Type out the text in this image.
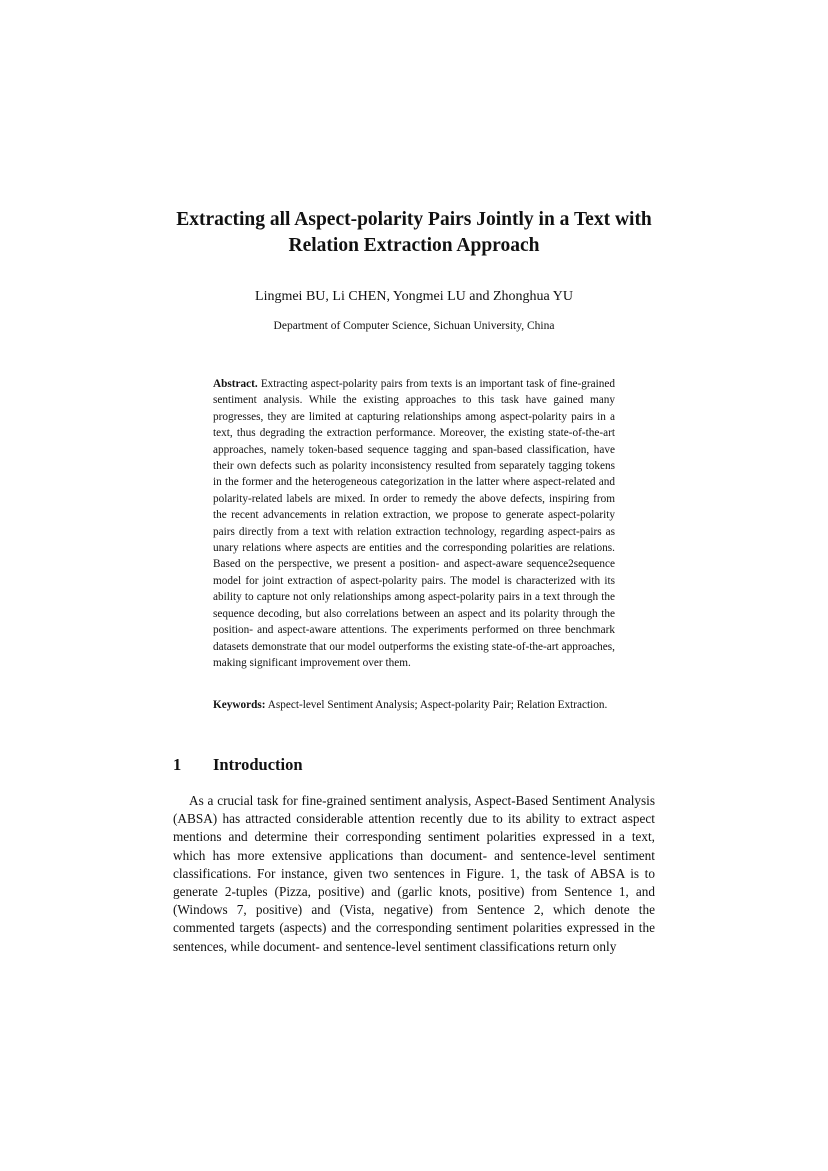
Extracting all Aspect-polarity Pairs Jointly in a Text with Relation Extraction Approach

Lingmei BU, Li CHEN, Yongmei LU and Zhonghua YU

Department of Computer Science, Sichuan University, China

Abstract. Extracting aspect-polarity pairs from texts is an important task of fine-grained sentiment analysis. While the existing approaches to this task have gained many progresses, they are limited at capturing relationships among aspect-polarity pairs in a text, thus degrading the extraction performance. Moreover, the existing state-of-the-art approaches, namely token-based sequence tagging and span-based classification, have their own defects such as polarity inconsistency resulted from separately tagging tokens in the former and the heterogeneous categorization in the latter where aspect-related and polarity-related labels are mixed. In order to remedy the above defects, inspiring from the recent advancements in relation extraction, we propose to generate aspect-polarity pairs directly from a text with relation extraction technology, regarding aspect-pairs as unary relations where aspects are entities and the corresponding polarities are relations. Based on the perspective, we present a position- and aspect-aware sequence2sequence model for joint extraction of aspect-polarity pairs. The model is characterized with its ability to capture not only relationships among aspect-polarity pairs in a text through the sequence decoding, but also correlations between an aspect and its polarity through the position- and aspect-aware attentions. The experiments performed on three benchmark datasets demonstrate that our model outperforms the existing state-of-the-art approaches, making significant improvement over them.

Keywords: Aspect-level Sentiment Analysis; Aspect-polarity Pair; Relation Extraction.

1 Introduction

As a crucial task for fine-grained sentiment analysis, Aspect-Based Sentiment Analysis (ABSA) has attracted considerable attention recently due to its ability to extract aspect mentions and determine their corresponding sentiment polarities expressed in a text, which has more extensive applications than document- and sentence-level sentiment classifications. For instance, given two sentences in Figure. 1, the task of ABSA is to generate 2-tuples (Pizza, positive) and (garlic knots, positive) from Sentence 1, and (Windows 7, positive) and (Vista, negative) from Sentence 2, which denote the commented targets (aspects) and the corresponding sentiment polarities expressed in the sentences, while document- and sentence-level sentiment classifications return only
